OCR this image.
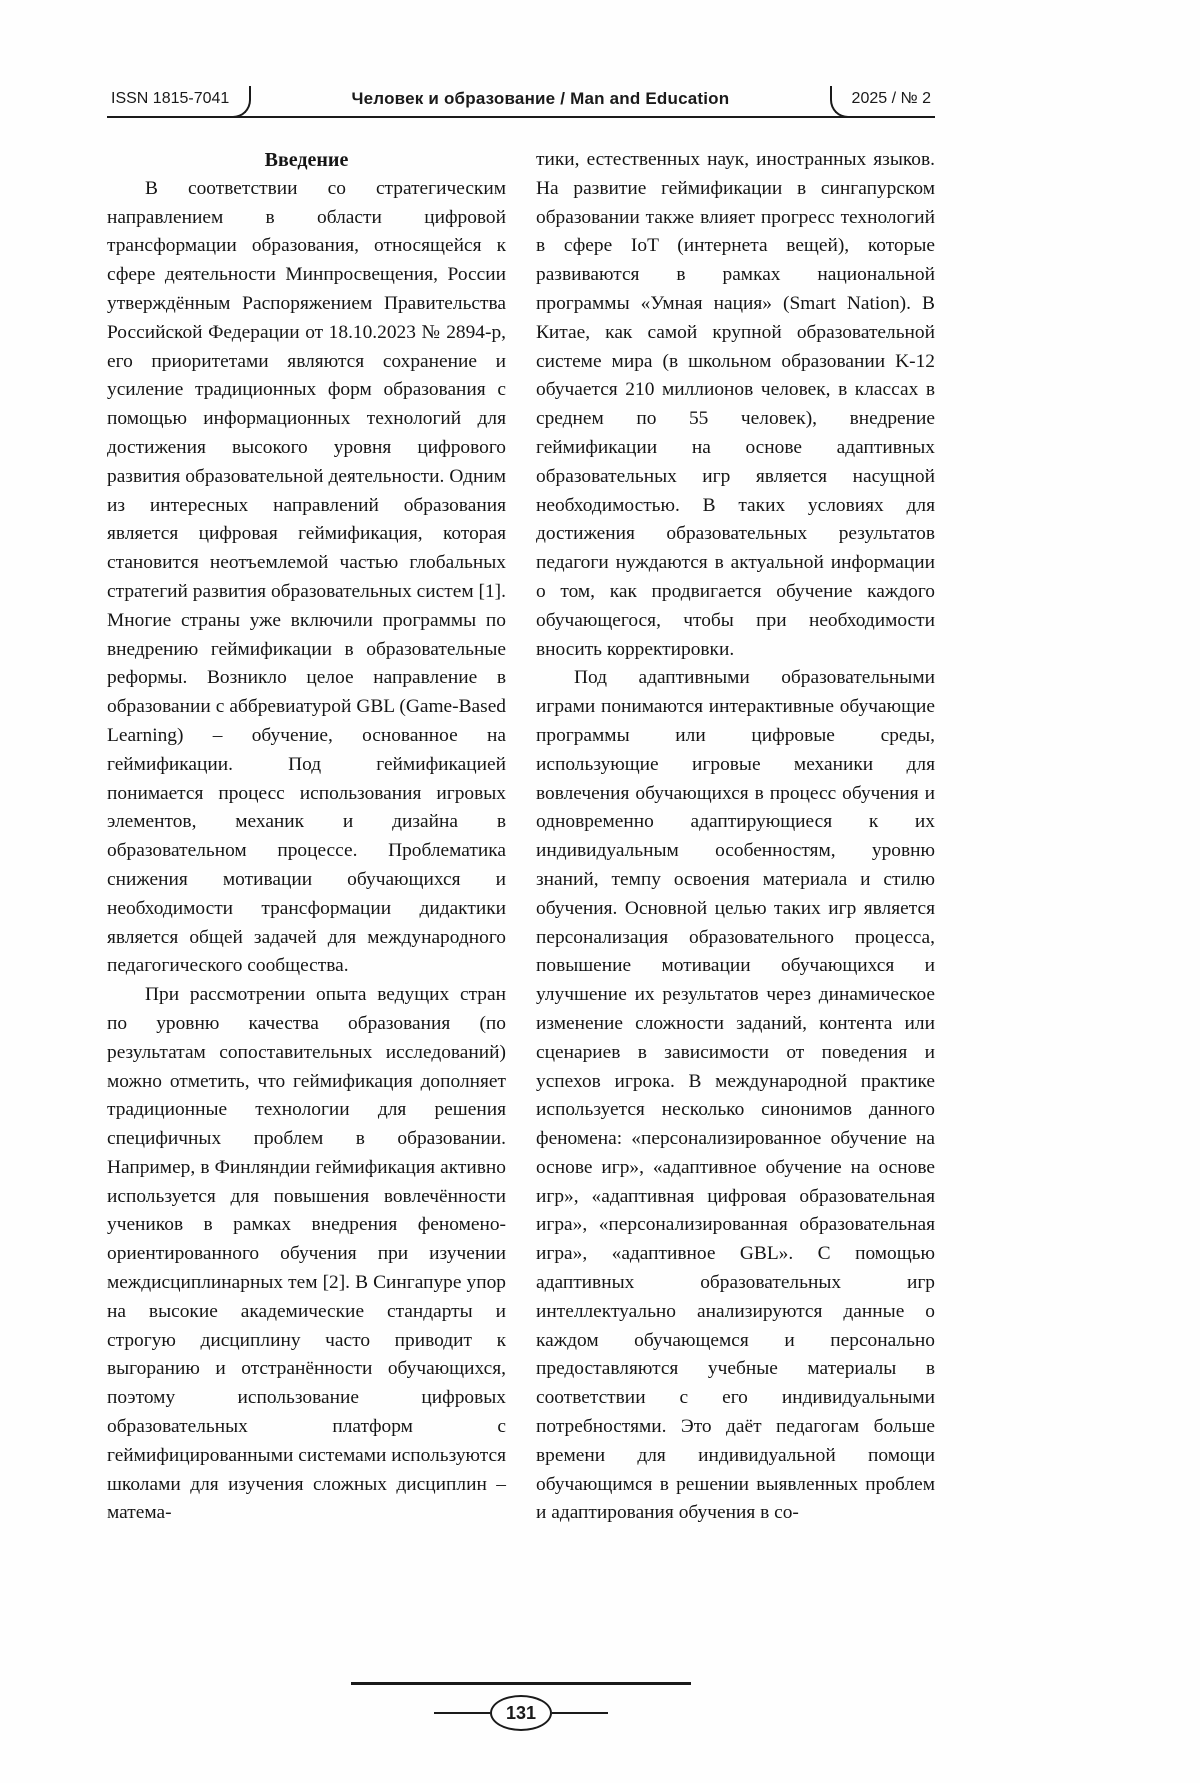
ISSN 1815-7041	Человек и образование / Man and Education	2025 / № 2
Введение

В соответствии со стратегическим направлением в области цифровой трансформации образования, относящейся к сфере деятельности Минпросвещения, России утверждённым Распоряжением Правительства Российской Федерации от 18.10.2023 № 2894-р, его приоритетами являются сохранение и усиление традиционных форм образования с помощью информационных технологий для достижения высокого уровня цифрового развития образовательной деятельности. Одним из интересных направлений образования является цифровая геймификация, которая становится неотъемлемой частью глобальных стратегий развития образовательных систем [1]. Многие страны уже включили программы по внедрению геймификации в образовательные реформы. Возникло целое направление в образовании с аббревиатурой GBL (Game-Based Learning) – обучение, основанное на геймификации. Под геймификацией понимается процесс использования игровых элементов, механик и дизайна в образовательном процессе. Проблематика снижения мотивации обучающихся и необходимости трансформации дидактики является общей задачей для международного педагогического сообщества.

При рассмотрении опыта ведущих стран по уровню качества образования (по результатам сопоставительных исследований) можно отметить, что геймификация дополняет традиционные технологии для решения специфичных проблем в образовании. Например, в Финляндии геймификация активно используется для повышения вовлечённости учеников в рамках внедрения феномено-ориентированного обучения при изучении междисциплинарных тем [2]. В Сингапуре упор на высокие академические стандарты и строгую дисциплину часто приводит к выгоранию и отстранённости обучающихся, поэтому использование цифровых образовательных платформ с геймифицированными системами используются школами для изучения сложных дисциплин – матема-

тики, естественных наук, иностранных языков. На развитие геймификации в сингапурском образовании также влияет прогресс технологий в сфере IoT (интернета вещей), которые развиваются в рамках национальной программы «Умная нация» (Smart Nation). В Китае, как самой крупной образовательной системе мира (в школьном образовании K-12 обучается 210 миллионов человек, в классах в среднем по 55 человек), внедрение геймификации на основе адаптивных образовательных игр является насущной необходимостью. В таких условиях для достижения образовательных результатов педагоги нуждаются в актуальной информации о том, как продвигается обучение каждого обучающегося, чтобы при необходимости вносить корректировки.

Под адаптивными образовательными играми понимаются интерактивные обучающие программы или цифровые среды, использующие игровые механики для вовлечения обучающихся в процесс обучения и одновременно адаптирующиеся к их индивидуальным особенностям, уровню знаний, темпу освоения материала и стилю обучения. Основной целью таких игр является персонализация образовательного процесса, повышение мотивации обучающихся и улучшение их результатов через динамическое изменение сложности заданий, контента или сценариев в зависимости от поведения и успехов игрока. В международной практике используется несколько синонимов данного феномена: «персонализированное обучение на основе игр», «адаптивное обучение на основе игр», «адаптивная цифровая образовательная игра», «персонализированная образовательная игра», «адаптивное GBL». С помощью адаптивных образовательных игр интеллектуально анализируются данные о каждом обучающемся и персонально предоставляются учебные материалы в соответствии с его индивидуальными потребностями. Это даёт педагогам больше времени для индивидуальной помощи обучающимся в решении выявленных проблем и адаптирования обучения в со-

131
